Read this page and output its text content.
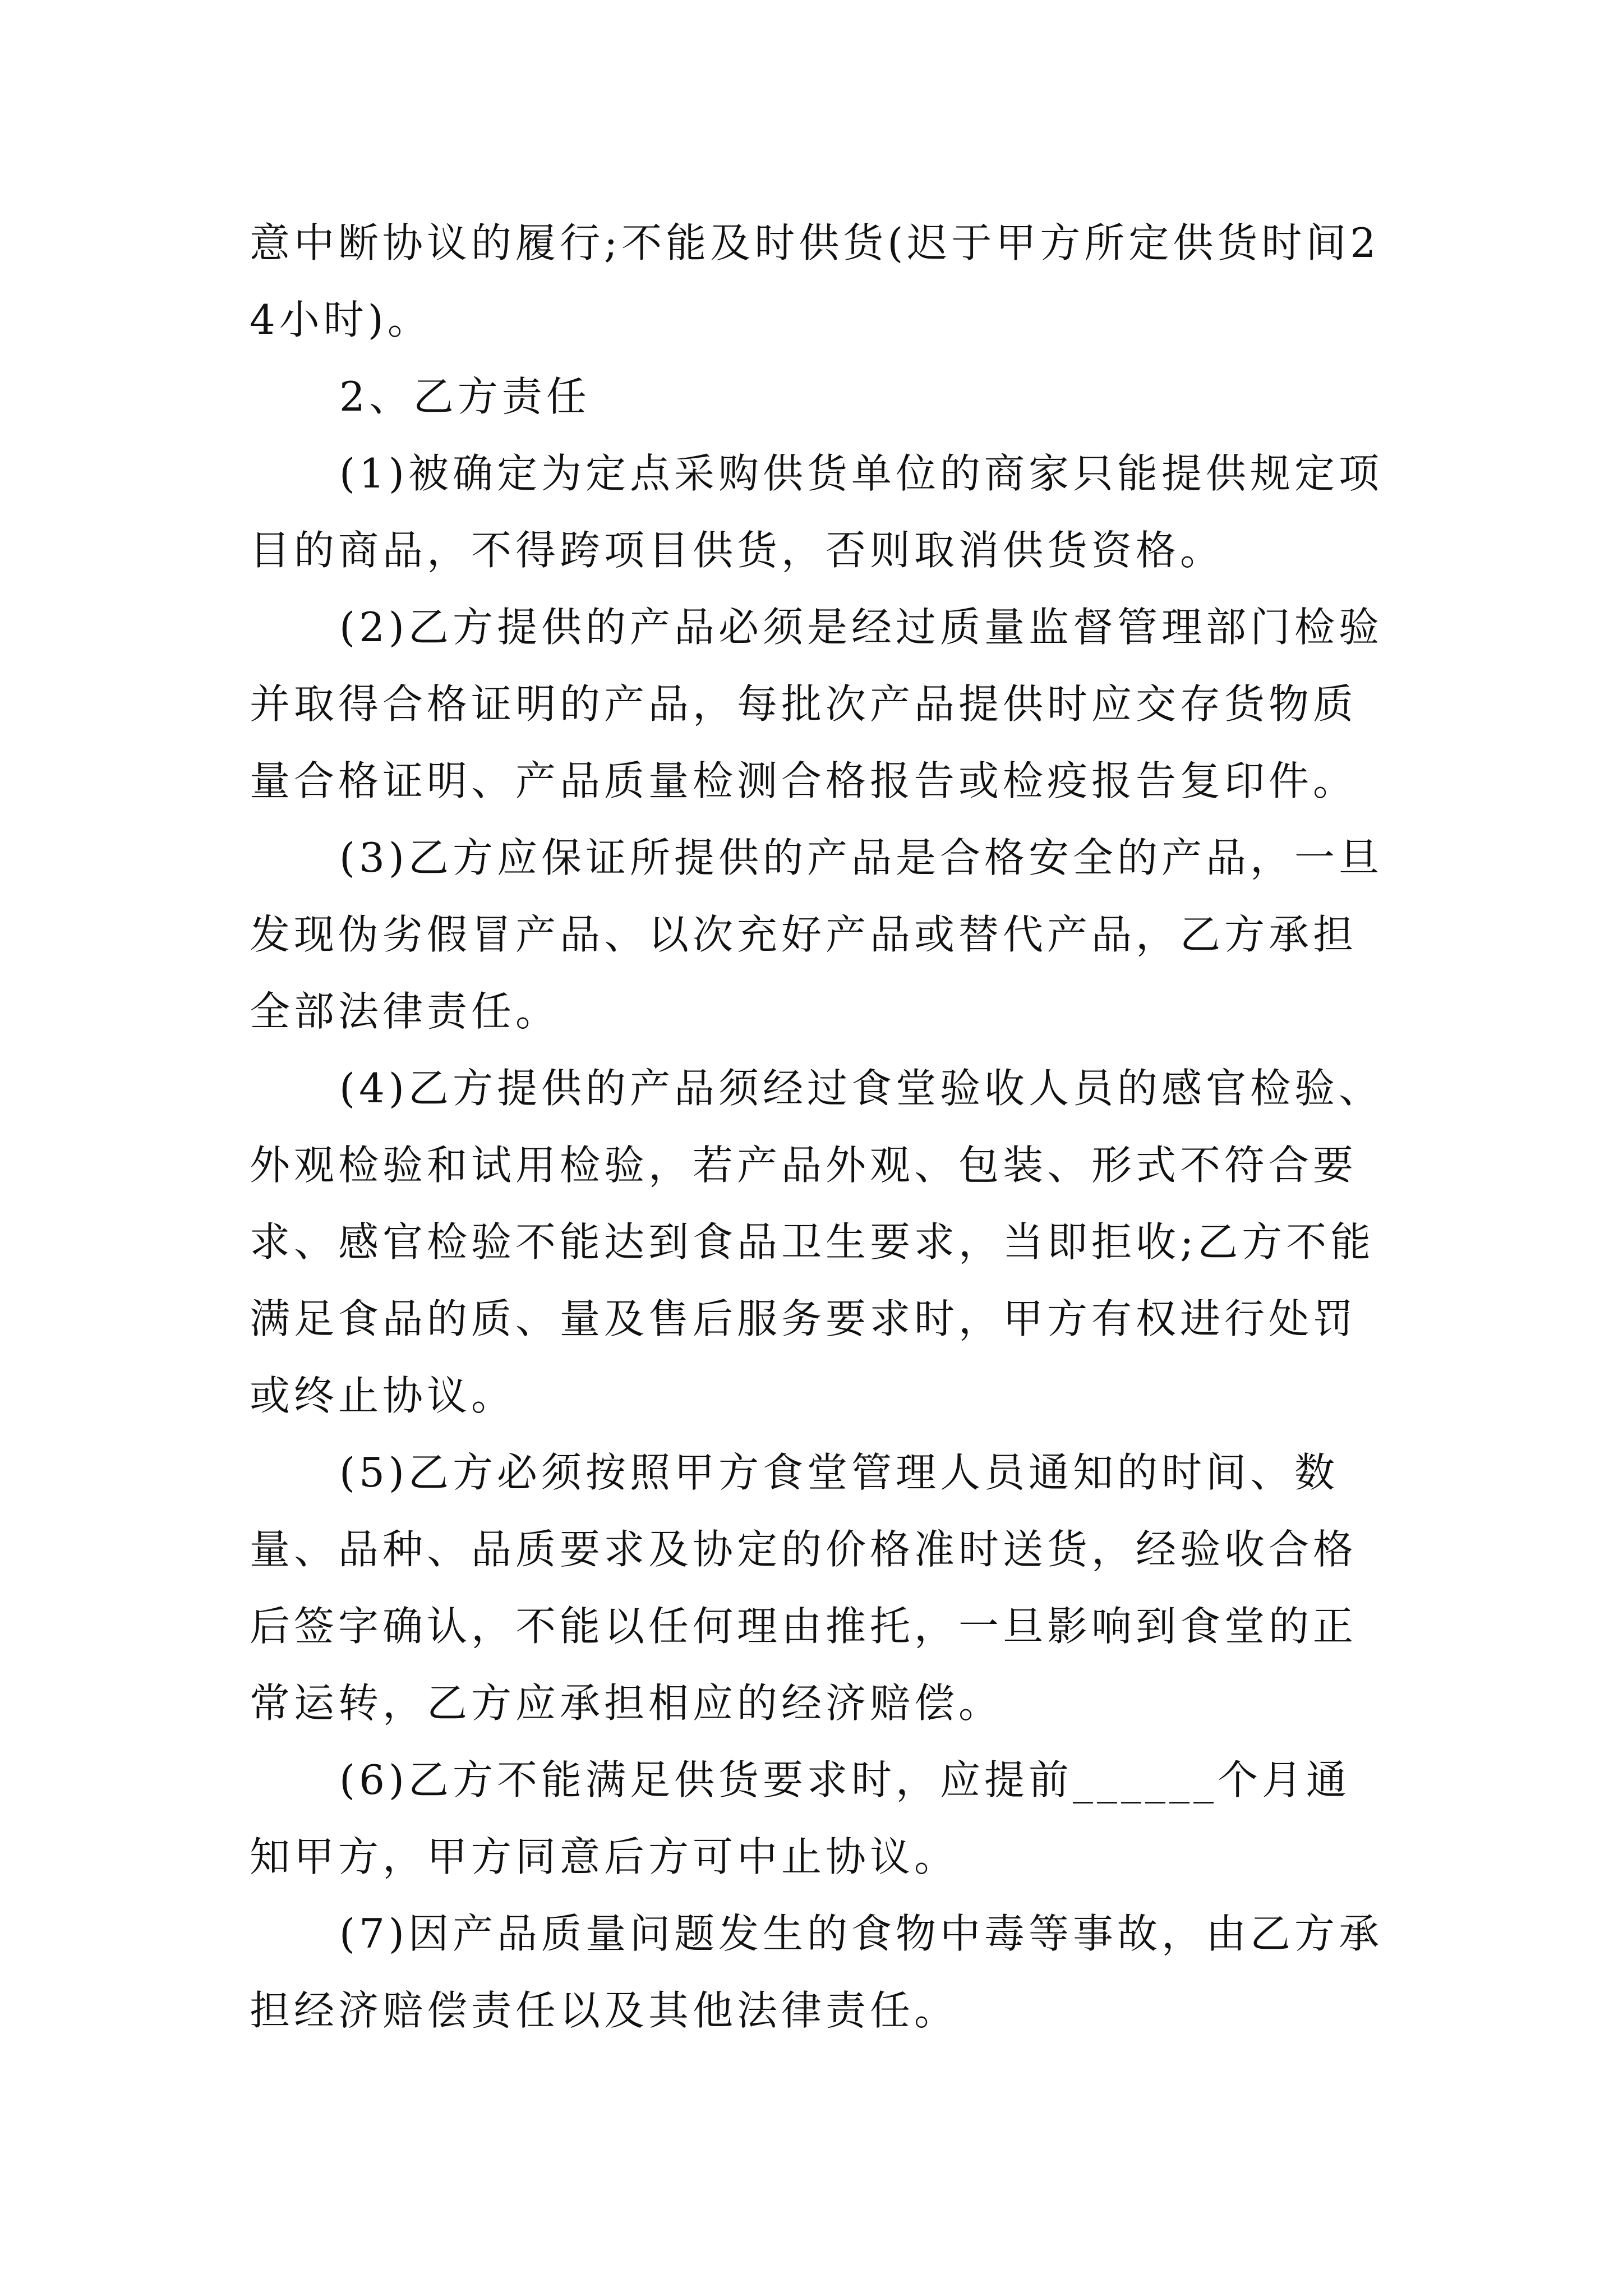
意中断协议的履行;不能及时供货(迟于甲方所定供货时间24小时)。

2、乙方责任

(1)被确定为定点采购供货单位的商家只能提供规定项目的商品，不得跨项目供货，否则取消供货资格。

(2)乙方提供的产品必须是经过质量监督管理部门检验并取得合格证明的产品，每批次产品提供时应交存货物质量合格证明、产品质量检测合格报告或检疫报告复印件。

(3)乙方应保证所提供的产品是合格安全的产品，一旦发现伪劣假冒产品、以次充好产品或替代产品，乙方承担全部法律责任。

(4)乙方提供的产品须经过食堂验收人员的感官检验、外观检验和试用检验，若产品外观、包装、形式不符合要求、感官检验不能达到食品卫生要求，当即拒收;乙方不能满足食品的质、量及售后服务要求时，甲方有权进行处罚或终止协议。

(5)乙方必须按照甲方食堂管理人员通知的时间、数量、品种、品质要求及协定的价格准时送货，经验收合格后签字确认，不能以任何理由推托，一旦影响到食堂的正常运转，乙方应承担相应的经济赔偿。

(6)乙方不能满足供货要求时，应提前______个月通知甲方，甲方同意后方可中止协议。

(7)因产品质量问题发生的食物中毒等事故，由乙方承担经济赔偿责任以及其他法律责任。
